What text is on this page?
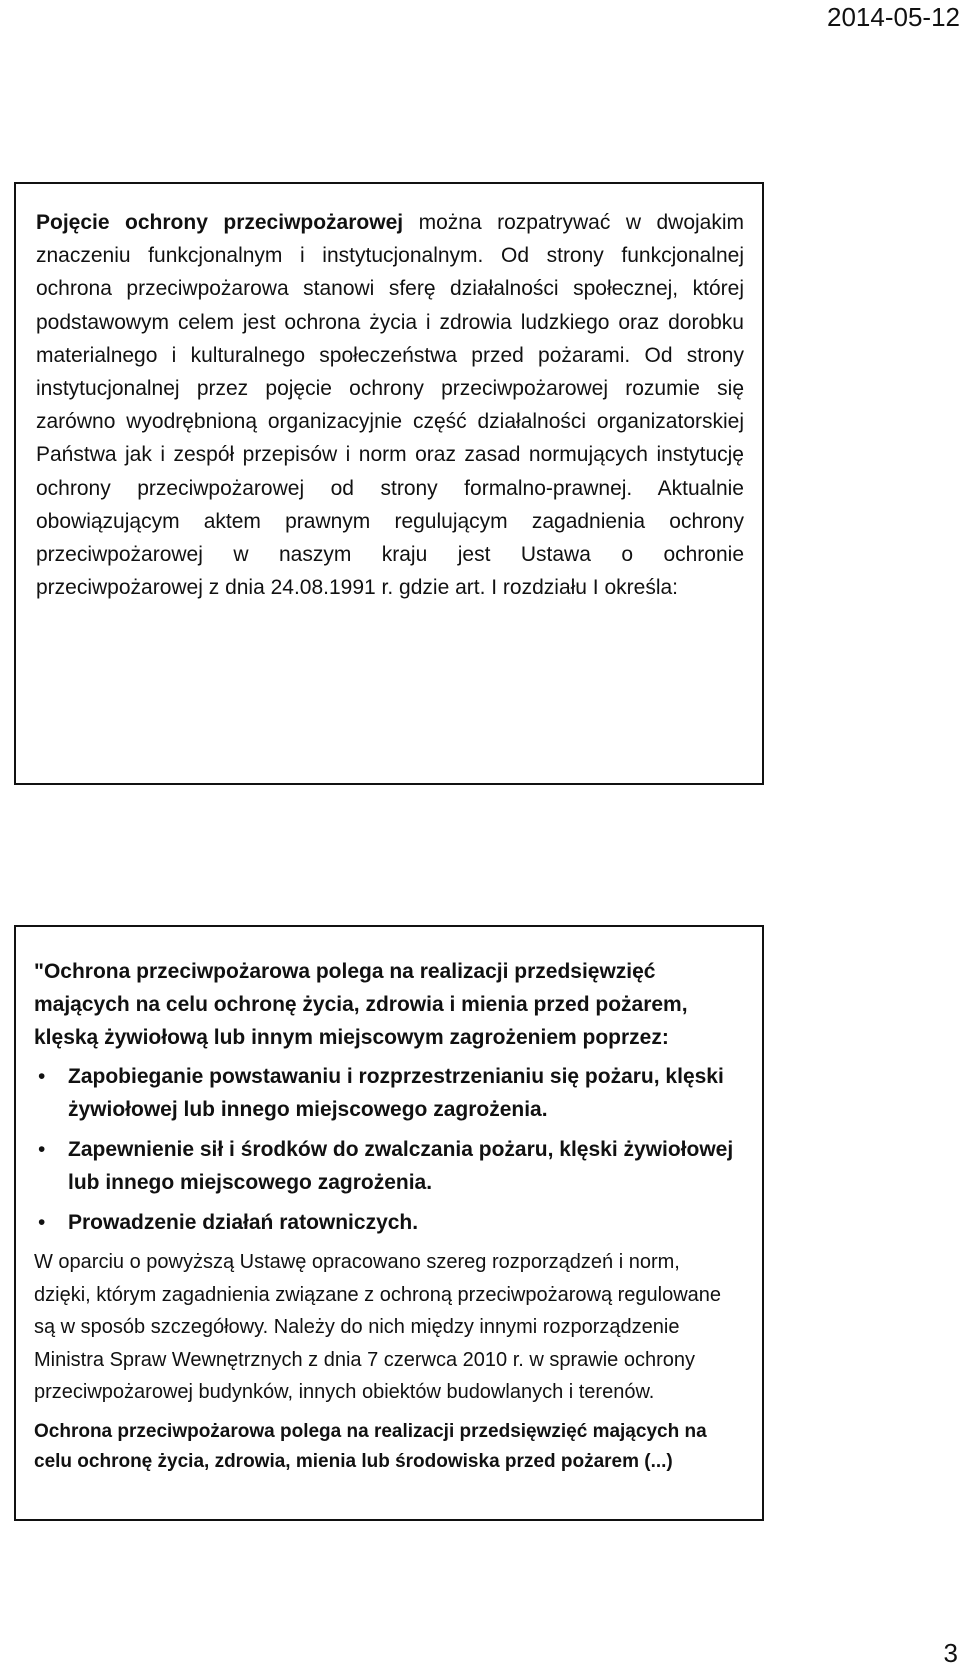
2014-05-12

Pojęcie ochrony przeciwpożarowej można rozpatrywać w dwojakim znaczeniu funkcjonalnym i instytucjonalnym. Od strony funkcjonalnej ochrona przeciwpożarowa stanowi sferę działalności społecznej, której podstawowym celem jest ochrona życia i zdrowia ludzkiego oraz dorobku materialnego i kulturalnego społeczeństwa przed pożarami. Od strony instytucjonalnej przez pojęcie ochrony przeciwpożarowej rozumie się zarówno wyodrębnioną organizacyjnie część działalności organizatorskiej Państwa jak i zespół przepisów i norm oraz zasad normujących instytucję ochrony przeciwpożarowej od strony formalno-prawnej. Aktualnie obowiązującym aktem prawnym regulującym zagadnienia ochrony przeciwpożarowej w naszym kraju jest Ustawa o ochronie przeciwpożarowej z dnia 24.08.1991 r. gdzie art. I rozdziału I określa:

"Ochrona przeciwpożarowa polega na realizacji przedsięwzięć mających na celu ochronę życia, zdrowia i mienia przed pożarem, klęską żywiołową lub innym miejscowym zagrożeniem poprzez:

• Zapobieganie powstawaniu i rozprzestrzenianiu się pożaru, klęski żywiołowej lub innego miejscowego zagrożenia.
• Zapewnienie sił i środków do zwalczania pożaru, klęski żywiołowej lub innego miejscowego zagrożenia.
• Prowadzenie działań ratowniczych.

W oparciu o powyższą Ustawę opracowano szereg rozporządzeń i norm, dzięki, którym zagadnienia związane z ochroną przeciwpożarową regulowane są w sposób szczegółowy. Należy do nich między innymi rozporządzenie Ministra Spraw Wewnętrznych z dnia 7 czerwca 2010 r. w sprawie ochrony przeciwpożarowej budynków, innych obiektów budowlanych i terenów.

Ochrona przeciwpożarowa polega na realizacji przedsięwzięć mających na celu ochronę życia, zdrowia, mienia lub środowiska przed pożarem (...)

3
